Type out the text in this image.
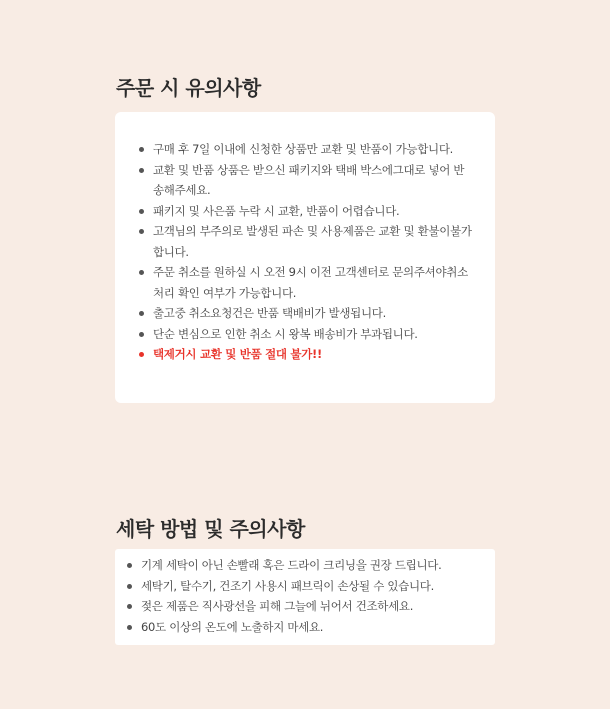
주문 시 유의사항
구매 후 7일 이내에 신청한 상품만 교환 및 반품이 가능합니다.
교환 및 반품 상품은 받으신 패키지와 택배 박스에그대로 넣어 반송해주세요.
패키지 및 사은품 누락 시 교환, 반품이 어렵습니다.
고객님의 부주의로 발생된 파손 및 사용제품은 교환 및 환불이불가합니다.
주문 취소를 원하실 시 오전 9시 이전 고객센터로 문의주셔야취소처리 확인 여부가 가능합니다.
출고중 취소요청건은 반품 택배비가 발생됩니다.
단순 변심으로 인한 취소 시 왕복 배송비가 부과됩니다.
택제거시 교환 및 반품 절대 불가!!
세탁 방법 및 주의사항
기계 세탁이 아닌 손빨래 혹은 드라이 크리닝을 권장 드립니다.
세탁기, 탈수기, 건조기 사용시 패브릭이 손상될 수 있습니다.
젖은 제품은 직사광선을 피해 그늘에 뉘어서 건조하세요.
60도 이상의 온도에 노출하지 마세요.
